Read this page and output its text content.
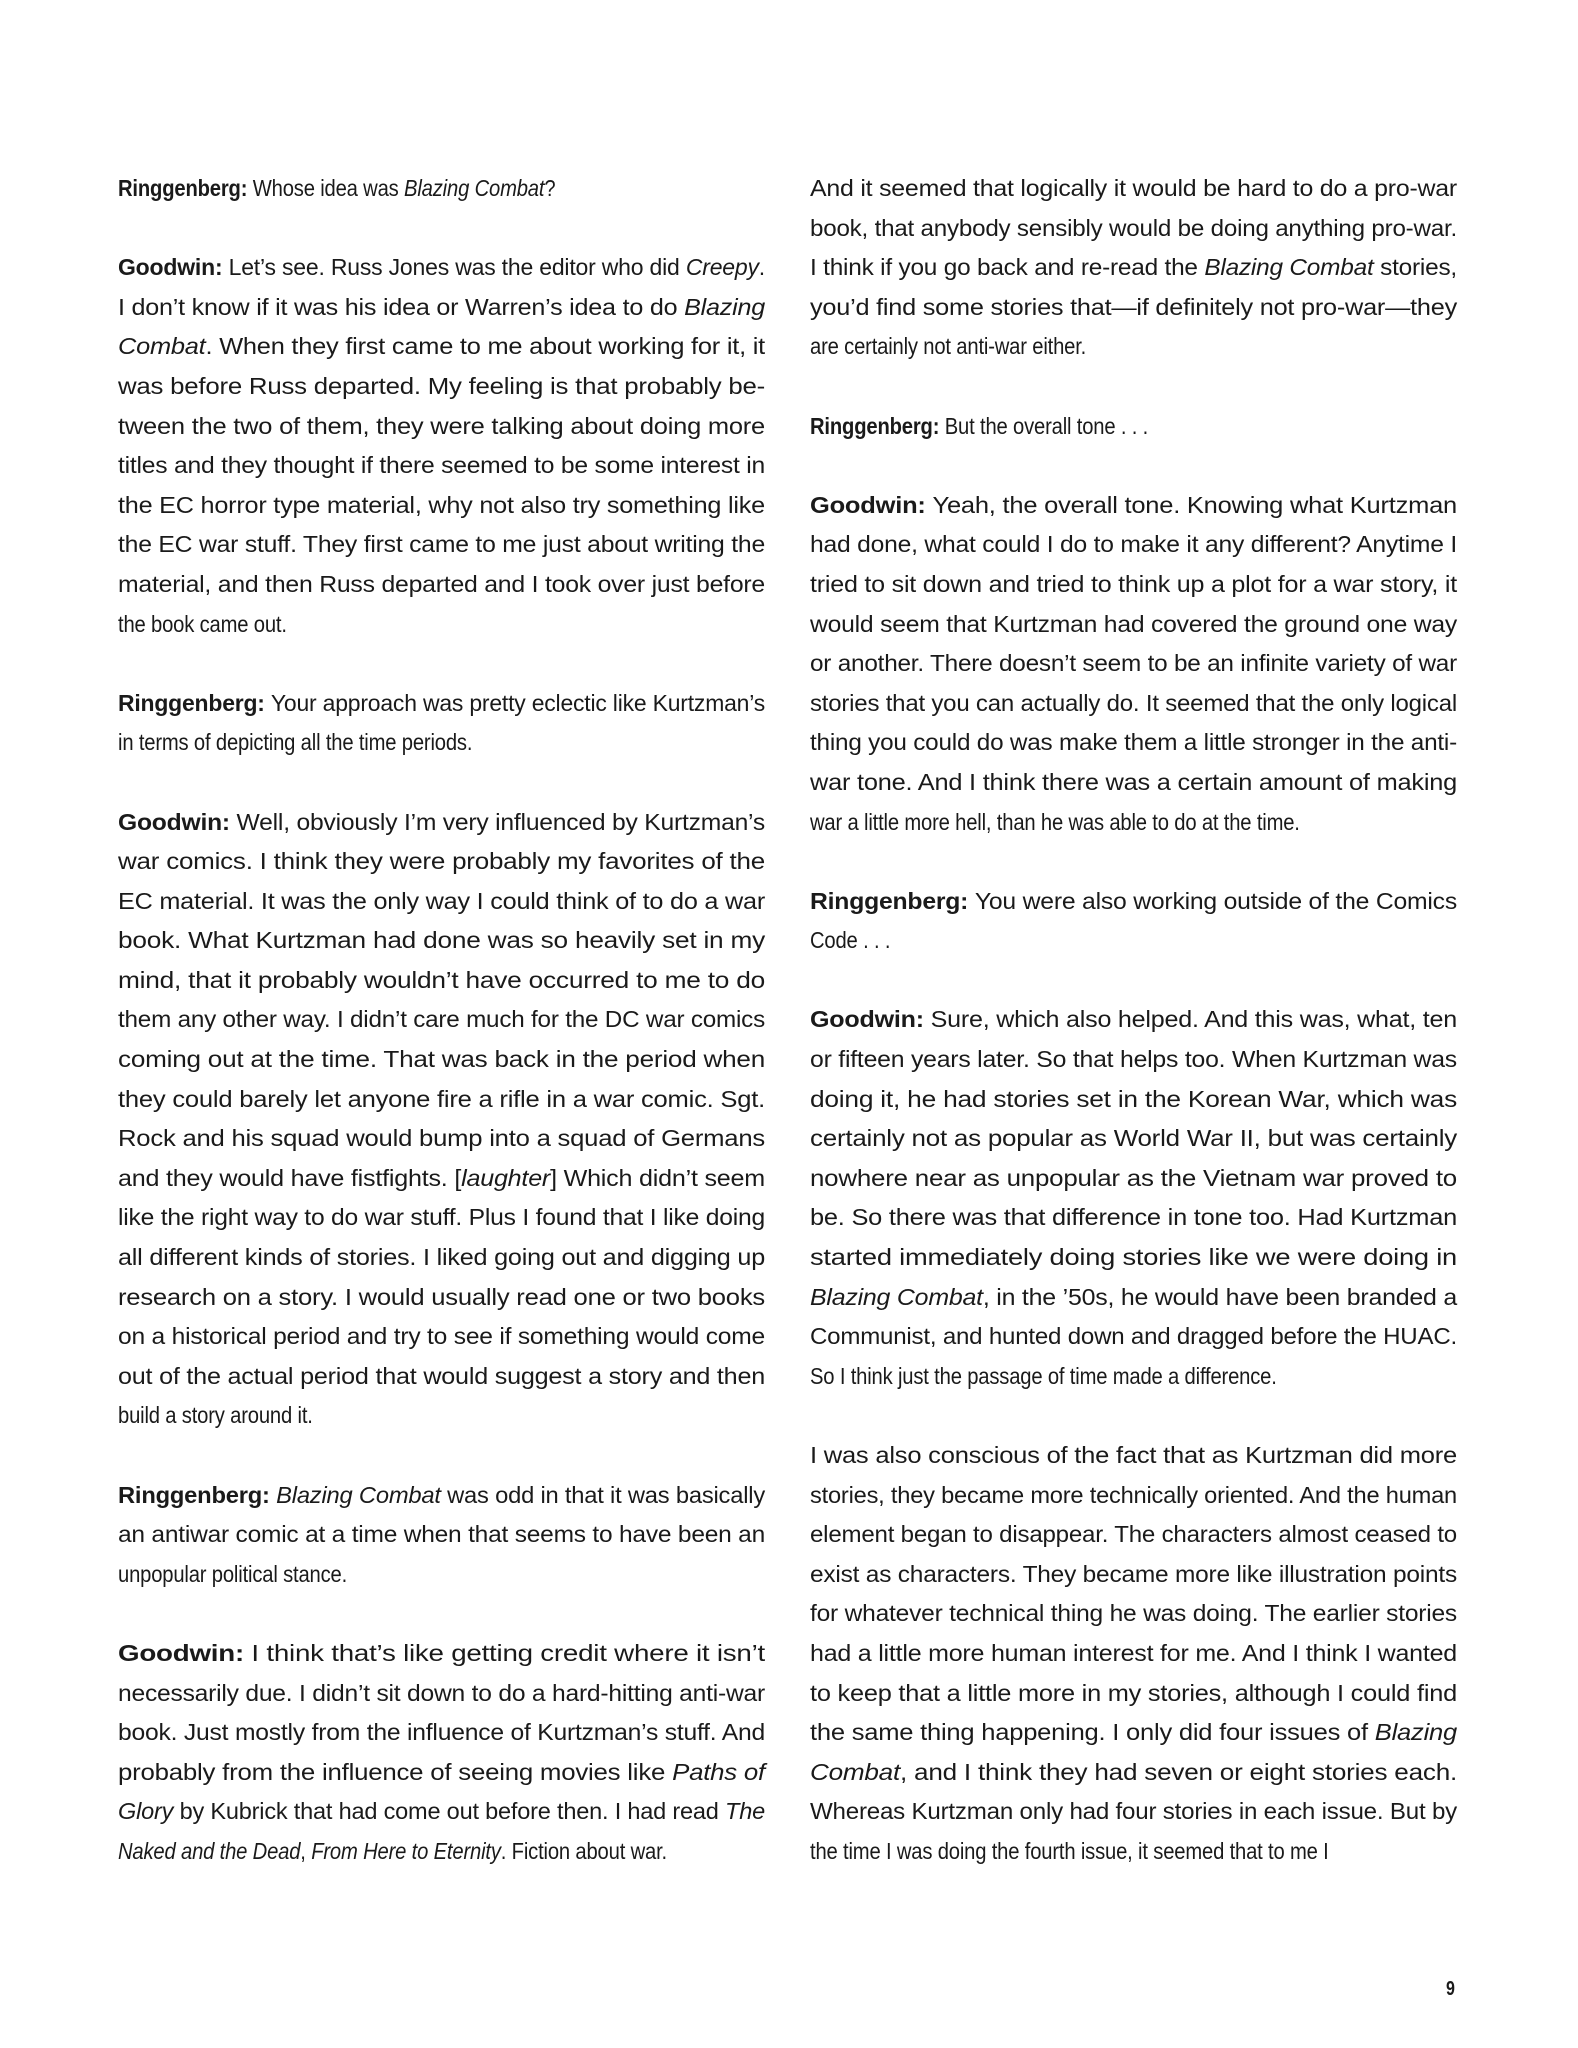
Ringgenberg: Whose idea was Blazing Combat?
Goodwin: Let’s see. Russ Jones was the editor who did Creepy.
I don’t know if it was his idea or Warren’s idea to do Blazing
Combat. When they first came to me about working for it, it
was before Russ departed. My feeling is that probably be-
tween the two of them, they were talking about doing more
titles and they thought if there seemed to be some interest in
the EC horror type material, why not also try something like
the EC war stuff. They first came to me just about writing the
material, and then Russ departed and I took over just before
the book came out.
Ringgenberg: Your approach was pretty eclectic like Kurtzman’s
in terms of depicting all the time periods.
Goodwin: Well, obviously I’m very influenced by Kurtzman’s
war comics. I think they were probably my favorites of the
EC material. It was the only way I could think of to do a war
book. What Kurtzman had done was so heavily set in my
mind, that it probably wouldn’t have occurred to me to do
them any other way. I didn’t care much for the DC war comics
coming out at the time. That was back in the period when
they could barely let anyone fire a rifle in a war comic. Sgt.
Rock and his squad would bump into a squad of Germans
and they would have fistfights. [laughter] Which didn’t seem
like the right way to do war stuff. Plus I found that I like doing
all different kinds of stories. I liked going out and digging up
research on a story. I would usually read one or two books
on a historical period and try to see if something would come
out of the actual period that would suggest a story and then
build a story around it.
Ringgenberg: Blazing Combat was odd in that it was basically
an antiwar comic at a time when that seems to have been an
unpopular political stance.
Goodwin: I think that’s like getting credit where it isn’t
necessarily due. I didn’t sit down to do a hard-hitting anti-war
book. Just mostly from the influence of Kurtzman’s stuff. And
probably from the influence of seeing movies like Paths of
Glory by Kubrick that had come out before then. I had read The
Naked and the Dead, From Here to Eternity. Fiction about war.
And it seemed that logically it would be hard to do a pro-war
book, that anybody sensibly would be doing anything pro-war.
I think if you go back and re-read the Blazing Combat stories,
you’d find some stories that—if definitely not pro-war—they
are certainly not anti-war either.
Ringgenberg: But the overall tone . . .
Goodwin: Yeah, the overall tone. Knowing what Kurtzman
had done, what could I do to make it any different? Anytime I
tried to sit down and tried to think up a plot for a war story, it
would seem that Kurtzman had covered the ground one way
or another. There doesn’t seem to be an infinite variety of war
stories that you can actually do. It seemed that the only logical
thing you could do was make them a little stronger in the anti-
war tone. And I think there was a certain amount of making
war a little more hell, than he was able to do at the time.
Ringgenberg: You were also working outside of the Comics
Code . . .
Goodwin: Sure, which also helped. And this was, what, ten
or fifteen years later. So that helps too. When Kurtzman was
doing it, he had stories set in the Korean War, which was
certainly not as popular as World War II, but was certainly
nowhere near as unpopular as the Vietnam war proved to
be. So there was that difference in tone too. Had Kurtzman
started immediately doing stories like we were doing in
Blazing Combat, in the ’50s, he would have been branded a
Communist, and hunted down and dragged before the HUAC.
So I think just the passage of time made a difference.
I was also conscious of the fact that as Kurtzman did more
stories, they became more technically oriented. And the human
element began to disappear. The characters almost ceased to
exist as characters. They became more like illustration points
for whatever technical thing he was doing. The earlier stories
had a little more human interest for me. And I think I wanted
to keep that a little more in my stories, although I could find
the same thing happening. I only did four issues of Blazing
Combat, and I think they had seven or eight stories each.
Whereas Kurtzman only had four stories in each issue. But by
the time I was doing the fourth issue, it seemed that to me I
9
